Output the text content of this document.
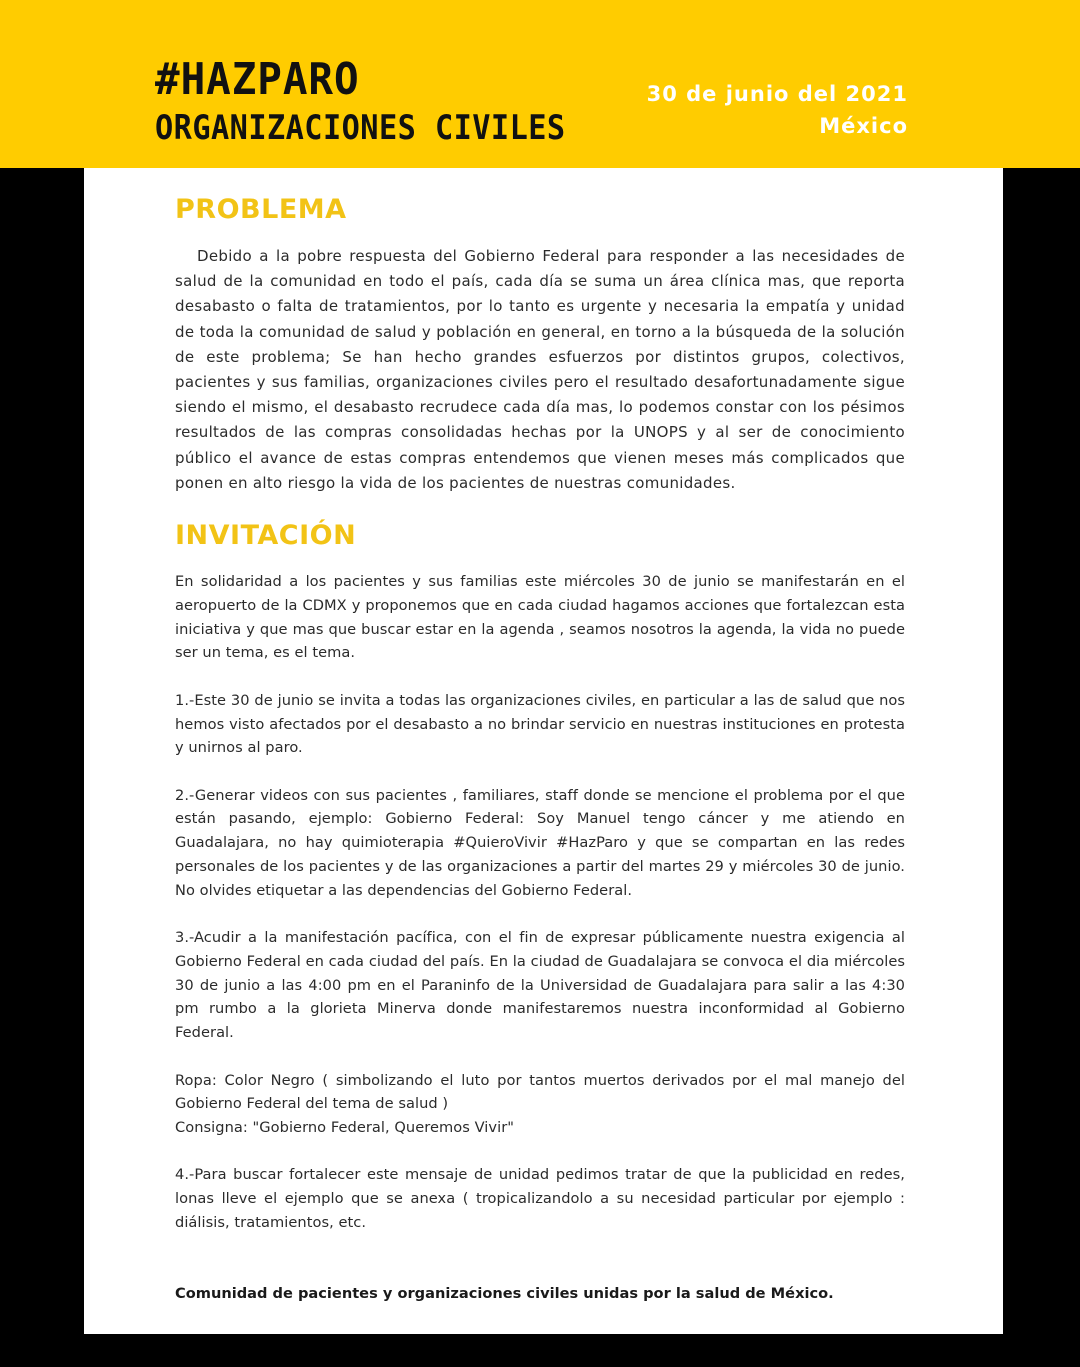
#HAZPARO
ORGANIZACIONES CIVILES
30 de junio del 2021
México
PROBLEMA

Debido a la pobre respuesta del Gobierno Federal para responder a las necesidades de salud de la comunidad en todo el país, cada día se suma un área clínica mas, que reporta desabasto o falta de tratamientos, por lo tanto es urgente y necesaria la empatía y unidad de toda la comunidad de salud y población en general, en torno a la búsqueda de la solución de este problema; Se han hecho grandes esfuerzos por distintos grupos, colectivos, pacientes y sus familias, organizaciones civiles pero el resultado desafortunadamente sigue siendo el mismo, el desabasto recrudece cada día mas, lo podemos constar con los pésimos resultados de las compras consolidadas hechas por la UNOPS y al ser de conocimiento público el avance de estas compras entendemos que vienen meses más complicados que ponen en alto riesgo la vida de los pacientes de nuestras comunidades.

INVITACIÓN

En solidaridad a los pacientes y sus familias este miércoles 30 de junio se manifestarán en el aeropuerto de la CDMX y proponemos que en cada ciudad hagamos acciones que fortalezcan esta iniciativa y que mas que buscar estar en la agenda , seamos nosotros la agenda, la vida no puede ser un tema, es el tema.

1.-Este 30 de junio se invita a todas las organizaciones civiles, en particular a las de salud que nos hemos visto afectados por el desabasto a no brindar servicio en nuestras instituciones en protesta y unirnos al paro.

2.-Generar videos con sus pacientes , familiares, staff donde se mencione el problema por el que están pasando, ejemplo: Gobierno Federal: Soy Manuel tengo cáncer y me atiendo en Guadalajara, no hay quimioterapia #QuieroVivir #HazParo y que se compartan en las redes personales de los pacientes y de las organizaciones a partir del martes 29 y miércoles 30 de junio. No olvides etiquetar a las dependencias del Gobierno Federal.

3.-Acudir a la manifestación pacífica, con el fin de expresar públicamente nuestra exigencia al Gobierno Federal en cada ciudad del país. En la ciudad de Guadalajara se convoca el dia miércoles 30 de junio a las 4:00 pm en el Paraninfo de la Universidad de Guadalajara para salir a las 4:30 pm rumbo a la glorieta Minerva donde manifestaremos nuestra inconformidad al Gobierno Federal.

Ropa: Color Negro ( simbolizando el luto por tantos muertos derivados por el mal manejo del Gobierno Federal del tema de salud )

Consigna: "Gobierno Federal, Queremos Vivir"

4.-Para buscar fortalecer este mensaje de unidad pedimos tratar de que la publicidad en redes, lonas lleve el ejemplo que se anexa ( tropicalizandolo a su necesidad particular por ejemplo : diálisis, tratamientos, etc.

Comunidad de pacientes y organizaciones civiles unidas por la salud de México.
